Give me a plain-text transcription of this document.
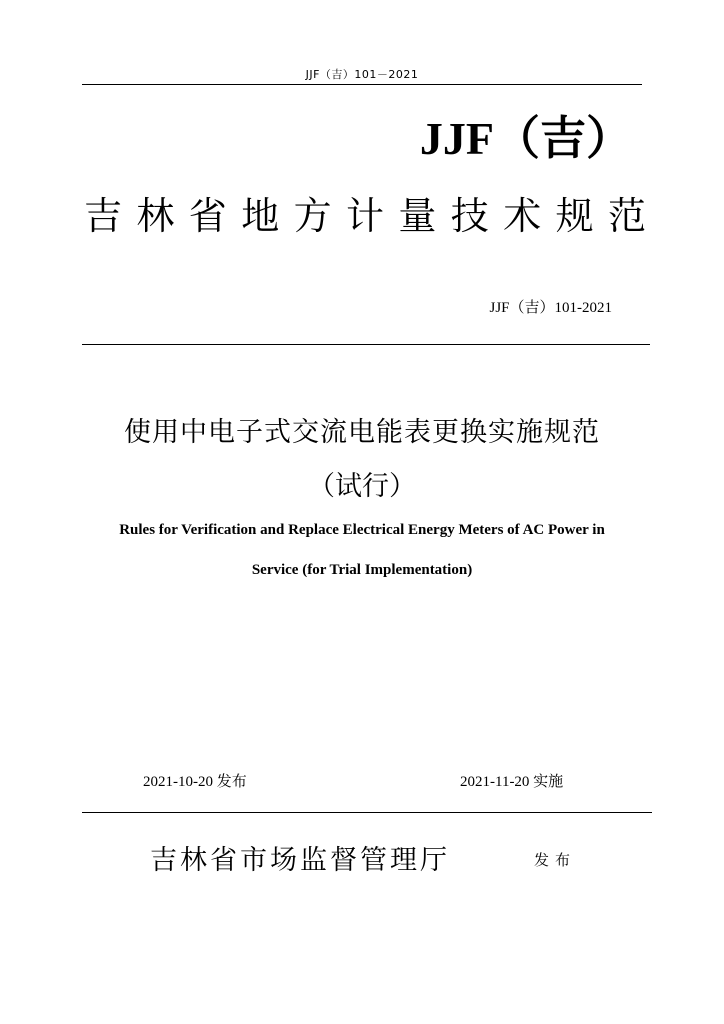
JJF（吉）101－2021
JJF（吉）
吉林省地方计量技术规范
JJF（吉）101-2021
使用中电子式交流电能表更换实施规范
（试行）
Rules for Verification and Replace Electrical Energy Meters of AC Power in
Service (for Trial Implementation)
2021-10-20 发布	2021-11-20 实施
吉林省市场监督管理厅	发布
